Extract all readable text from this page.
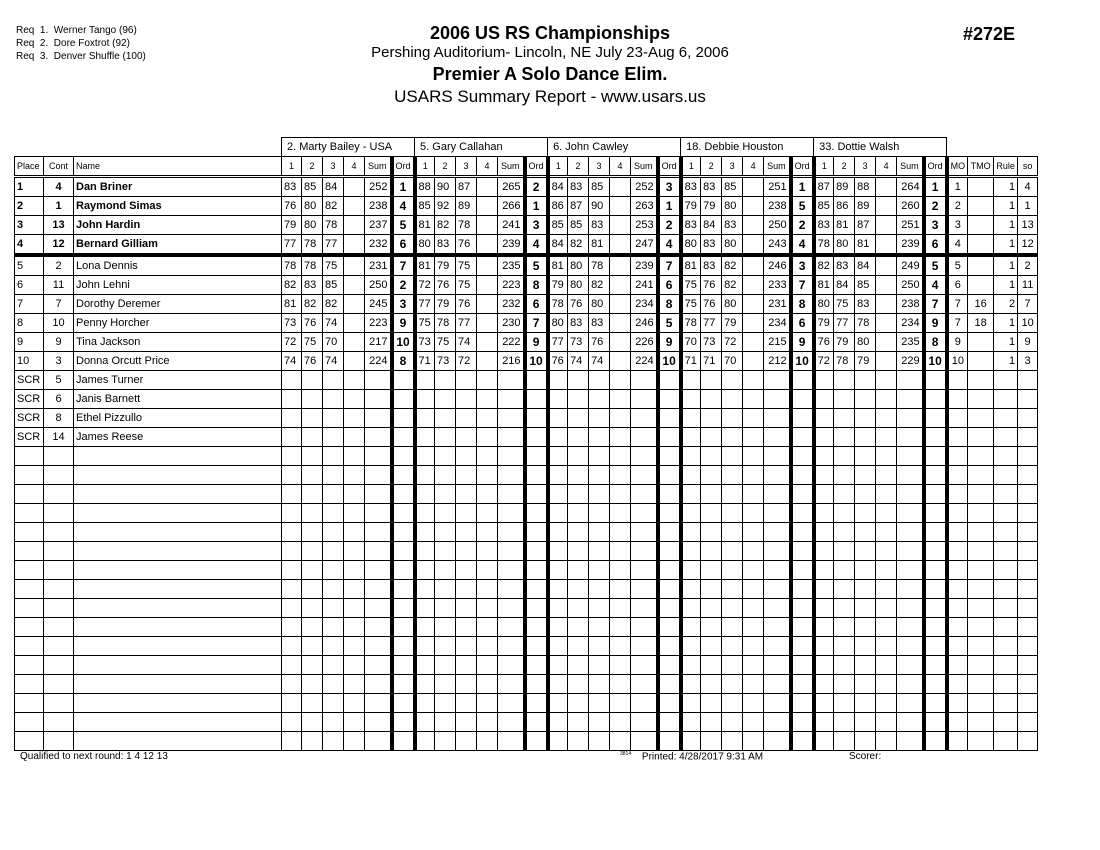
Req  1.  Werner Tango (96)
Req  2.  Dore Foxtrot (92)
Req  3.  Denver Shuffle (100)
2006 US RS Championships
Pershing Auditorium- Lincoln, NE July 23-Aug 6, 2006
Premier A Solo Dance Elim.
USARS Summary Report - www.usars.us
#272E
			2. Marty Bailey - USA						5. Gary Callahan						6. John Cawley						18. Debbie Houston						33. Dottie Walsh									
Place	Cont	Name	1	2	3	4	Sum	Ord	1	2	3	4	Sum	Ord	1	2	3	4	Sum	Ord	1	2	3	4	Sum	Ord	1	2	3	4	Sum	Ord	MO	TMO	Rule	so
1	4	Dan Briner	83	85	84		252	1	88	90	87		265	2	84	83	85		252	3	83	83	85		251	1	87	89	88		264	1	1		1	4
2	1	Raymond Simas	76	80	82		238	4	85	92	89		266	1	86	87	90		263	1	79	79	80		238	5	85	86	89		260	2	2		1	1
3	13	John Hardin	79	80	78		237	5	81	82	78		241	3	85	85	83		253	2	83	84	83		250	2	83	81	87		251	3	3		1	13
4	12	Bernard Gilliam	77	78	77		232	6	80	83	76		239	4	84	82	81		247	4	80	83	80		243	4	78	80	81		239	6	4		1	12
5	2	Lona Dennis	78	78	75		231	7	81	79	75		235	5	81	80	78		239	7	81	83	82		246	3	82	83	84		249	5	5		1	2
6	11	John Lehni	82	83	85		250	2	72	76	75		223	8	79	80	82		241	6	75	76	82		233	7	81	84	85		250	4	6		1	11
7	7	Dorothy Deremer	81	82	82		245	3	77	79	76		232	6	78	76	80		234	8	75	76	80		231	8	80	75	83		238	7	7	16	2	7
8	10	Penny Horcher	73	76	74		223	9	75	78	77		230	7	80	83	83		246	5	78	77	79		234	6	79	77	78		234	9	7	18	1	10
9	9	Tina Jackson	72	75	70		217	10	73	75	74		222	9	77	73	76		226	9	70	73	72		215	9	76	79	80		235	8	9		1	9
10	3	Donna Orcutt Price	74	76	74		224	8	71	73	72		216	10	76	74	74		224	10	71	71	70		212	10	72	78	79		229	10	10		1	3
SCR	5	James Turner																																		
SCR	6	Janis Barnett																																		
SCR	8	Ethel Pizzullo																																		
SCR	14	James Reese																																		

Qualified to next round: 1 4 12 13	$^{3814}$ Printed: 4/28/2017 9:31 AM	Scorer:
